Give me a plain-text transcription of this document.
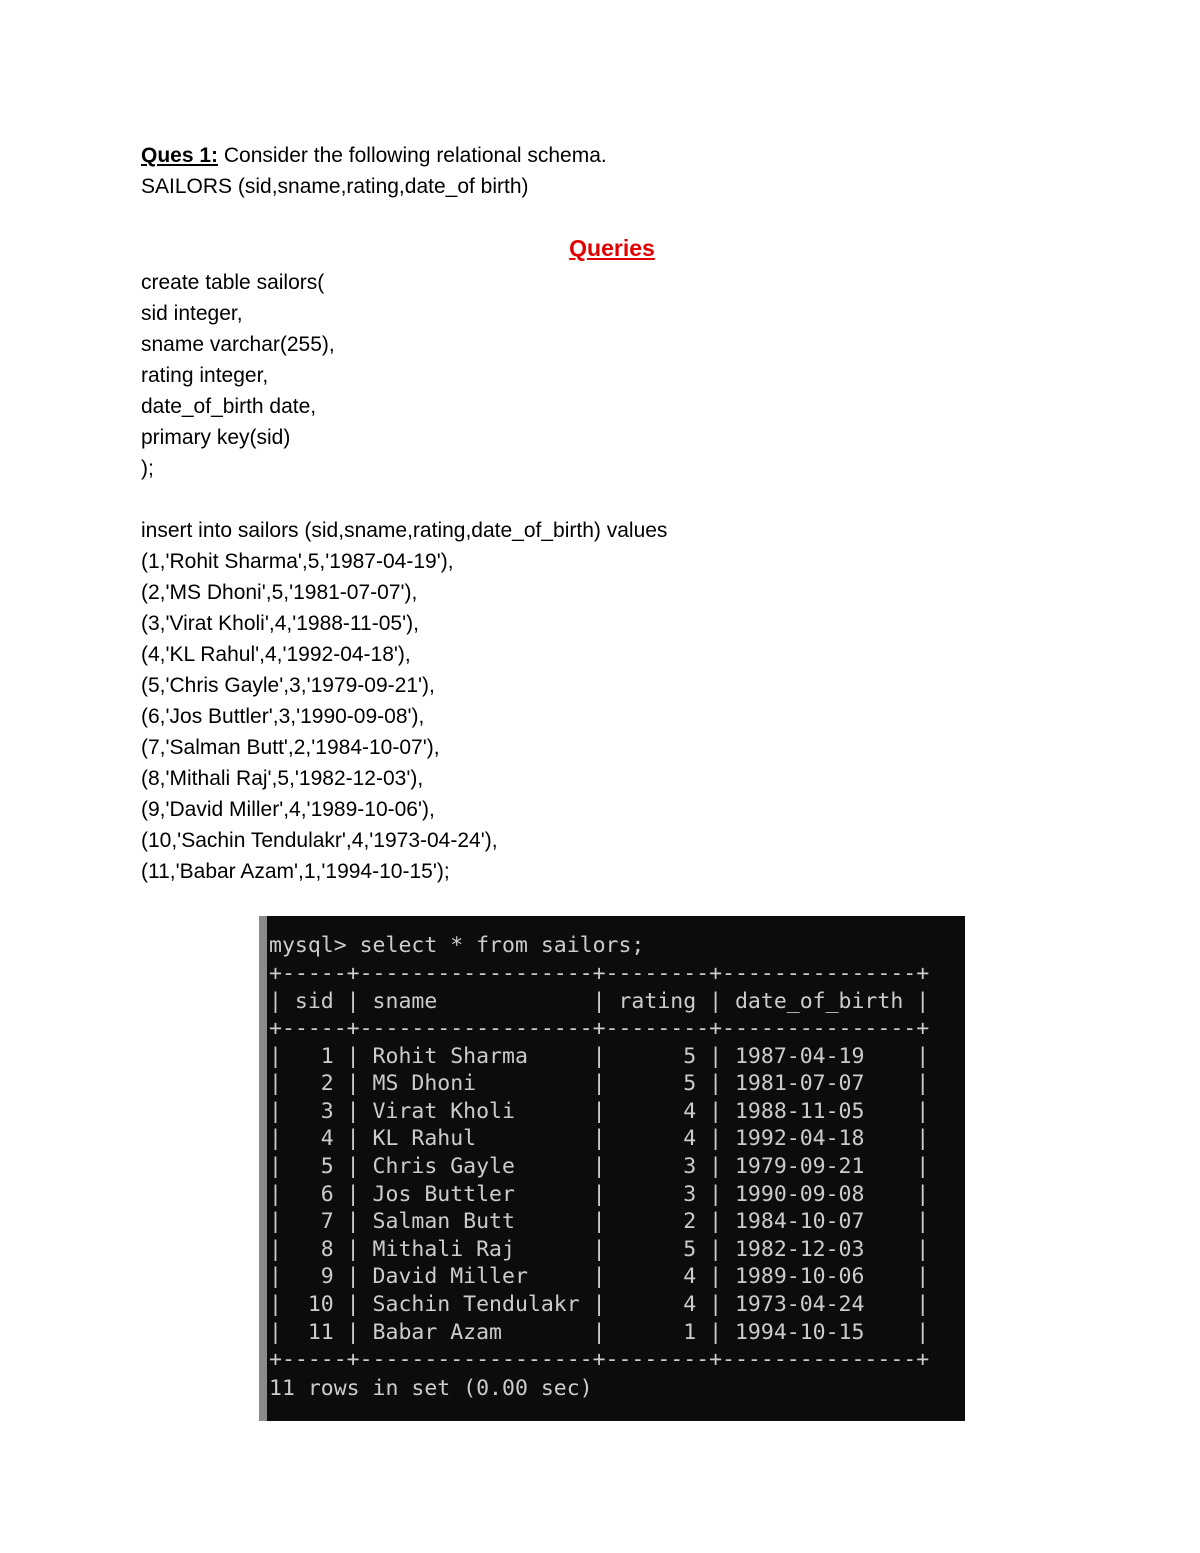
Ques 1: Consider the following relational schema.
SAILORS (sid,sname,rating,date_of birth)
Queries
create table sailors(
sid integer,
sname varchar(255),
rating integer,
date_of_birth date,
primary key(sid)
);
insert into sailors (sid,sname,rating,date_of_birth) values
(1,'Rohit Sharma',5,'1987-04-19'),
(2,'MS Dhoni',5,'1981-07-07'),
(3,'Virat Kholi',4,'1988-11-05'),
(4,'KL Rahul',4,'1992-04-18'),
(5,'Chris Gayle',3,'1979-09-21'),
(6,'Jos Buttler',3,'1990-09-08'),
(7,'Salman Butt',2,'1984-10-07'),
(8,'Mithali Raj',5,'1982-12-03'),
(9,'David Miller',4,'1989-10-06'),
(10,'Sachin Tendulakr',4,'1973-04-24'),
(11,'Babar Azam',1,'1994-10-15');
mysql> select * from sailors;
+-----+------------------+--------+---------------+
| sid | sname            | rating | date_of_birth |
+-----+------------------+--------+---------------+
|   1 | Rohit Sharma     |      5 | 1987-04-19    |
|   2 | MS Dhoni         |      5 | 1981-07-07    |
|   3 | Virat Kholi      |      4 | 1988-11-05    |
|   4 | KL Rahul         |      4 | 1992-04-18    |
|   5 | Chris Gayle      |      3 | 1979-09-21    |
|   6 | Jos Buttler      |      3 | 1990-09-08    |
|   7 | Salman Butt      |      2 | 1984-10-07    |
|   8 | Mithali Raj      |      5 | 1982-12-03    |
|   9 | David Miller     |      4 | 1989-10-06    |
|  10 | Sachin Tendulakr |      4 | 1973-04-24    |
|  11 | Babar Azam       |      1 | 1994-10-15    |
+-----+------------------+--------+---------------+
11 rows in set (0.00 sec)
